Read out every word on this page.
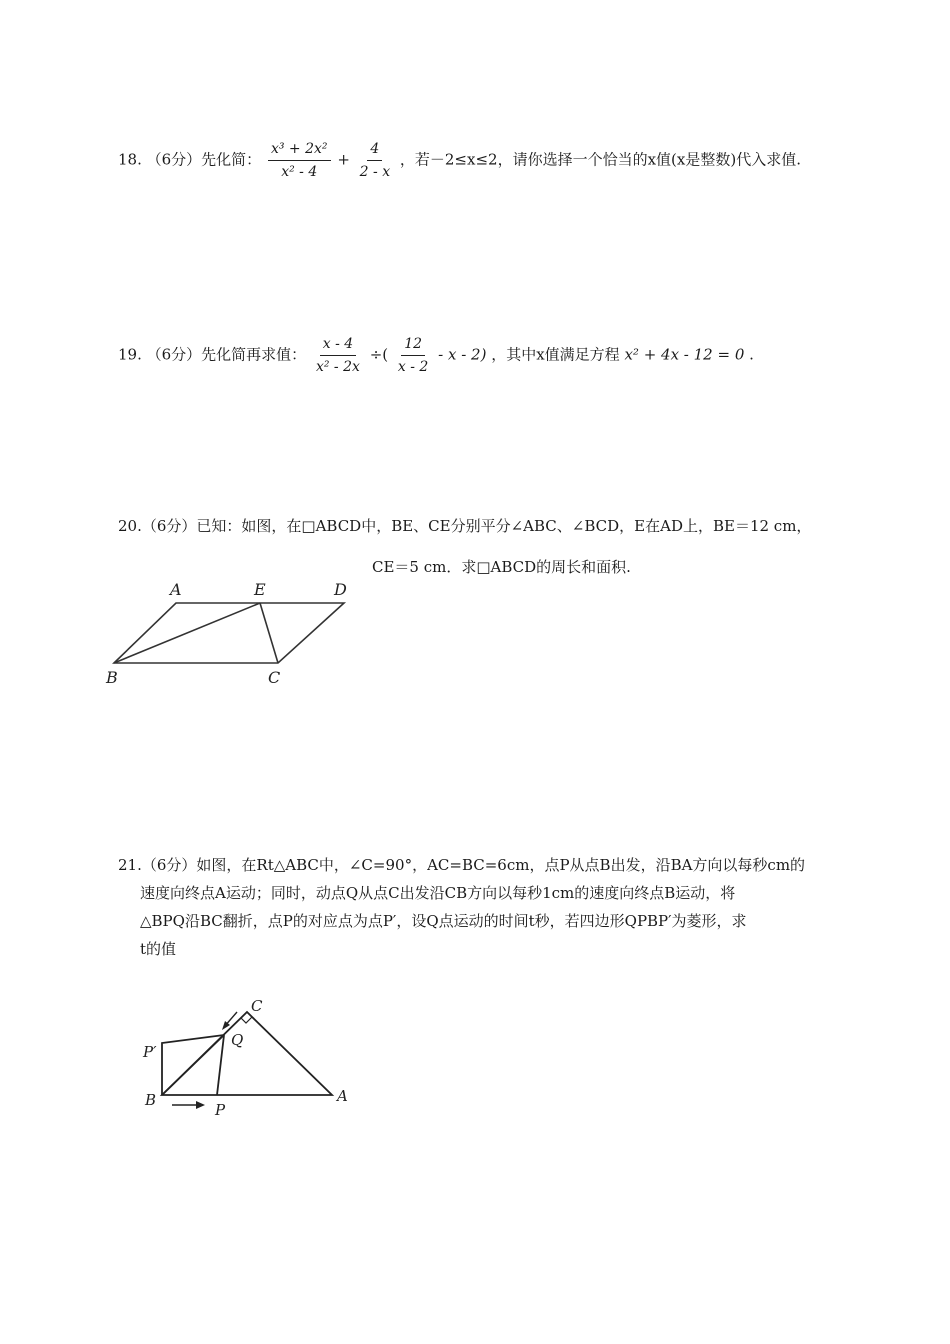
18. （6分）先化简： $\frac{\text{x³ + 2x²}}{\text{x² - 4}} + \frac{4}{2 - x}$ ，若－2≤x≤2，请你选择一个恰当的x值(x是整数)代入求值.
19. （6分）先化简再求值： $\frac{x - 4}{\text{x² - 2x}}$ ÷( $\frac{12}{x - 2}$ - x - 2) ，其中x值满足方程 x² + 4x - 12 = 0 .
20.（6分）已知：如图，在□ABCD中，BE、CE分别平分∠ABC、∠BCD，E在AD上，BE＝12 cm，
CE＝5 cm．求□ABCD的周长和面积.
A	E	D
B	C
21.（6分）如图，在Rt△ABC中，∠C=90°，AC=BC=6cm，点P从点B出发，沿BA方向以每秒cm的
速度向终点A运动；同时，动点Q从点C出发沿CB方向以每秒1cm的速度向终点B运动，将
△BPQ沿BC翻折，点P的对应点为点P′，设Q点运动的时间t秒，若四边形QPBP′为菱形，求
t的值
C
P′
Q
B
P
A
